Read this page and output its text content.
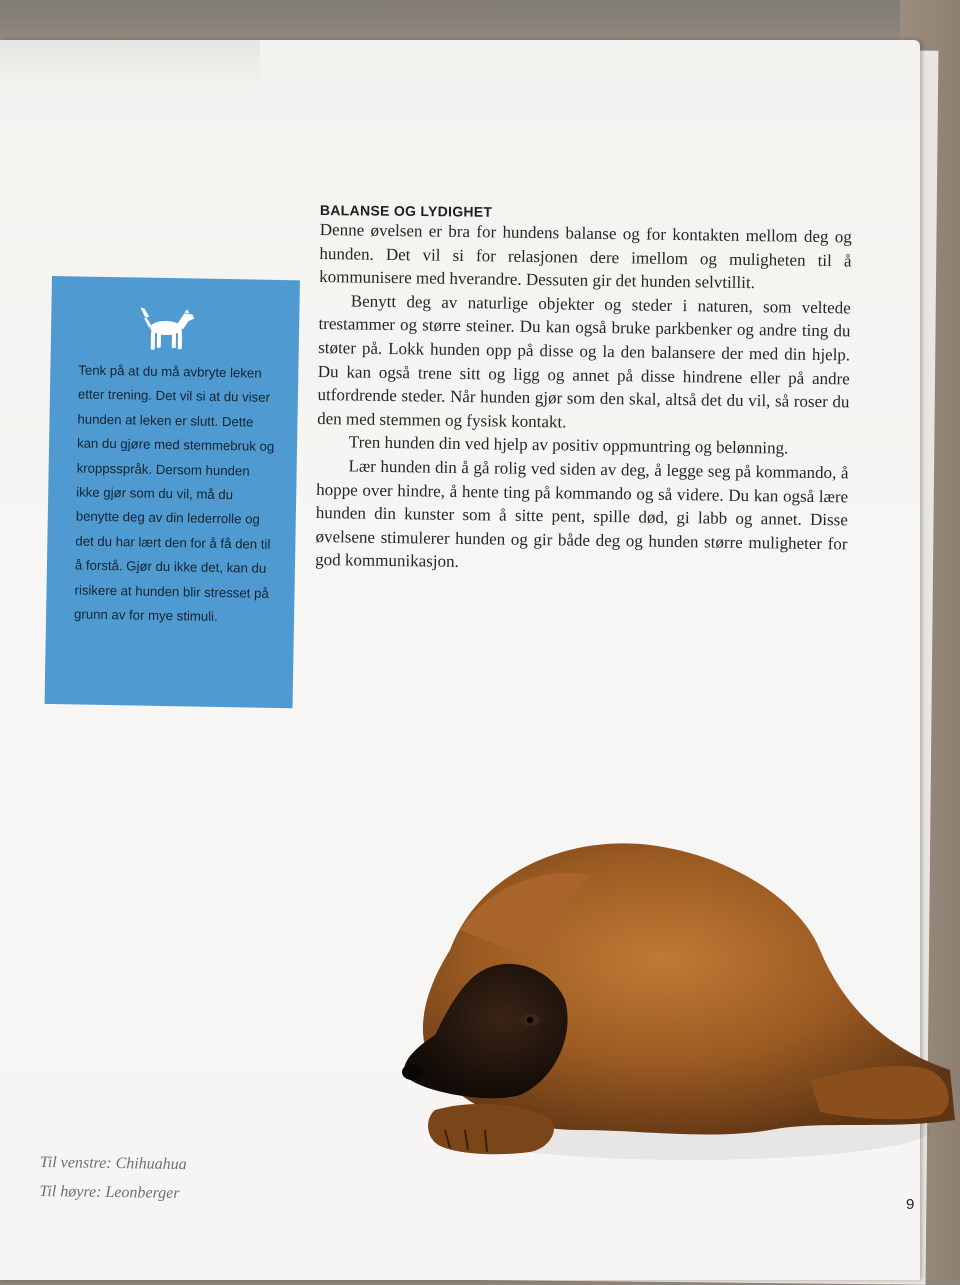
BALANSE OG LYDIGHET

Denne øvelsen er bra for hundens balanse og for kontakten mellom deg og hunden. Det vil si for relasjonen dere imellom og muligheten til å kommunisere med hverandre. Dessuten gir det hunden selvtillit.

Benytt deg av naturlige objekter og steder i naturen, som veltede trestammer og større steiner. Du kan også bruke parkbenker og andre ting du støter på. Lokk hunden opp på disse og la den balansere der med din hjelp. Du kan også trene sitt og ligg og annet på disse hindrene eller på andre utfordrende steder. Når hunden gjør som den skal, altså det du vil, så roser du den med stemmen og fysisk kontakt.

Tren hunden din ved hjelp av positiv oppmuntring og belønning.

Lær hunden din å gå rolig ved siden av deg, å legge seg på kommando, å hoppe over hindre, å hente ting på kommando og så videre. Du kan også lære hunden din kunster som å sitte pent, spille død, gi labb og annet. Disse øvelsene stimulerer hunden og gir både deg og hunden større muligheter for god kommunikasjon.

Tenk på at du må avbryte leken etter trening. Det vil si at du viser hunden at leken er slutt. Dette kan du gjøre med stemmebruk og kroppsspråk. Dersom hunden ikke gjør som du vil, må du benytte deg av din lederrolle og det du har lært den for å få den til å forstå. Gjør du ikke det, kan du risikere at hunden blir stresset på grunn av for mye stimuli.

Til venstre: Chihuahua
Til høyre: Leonberger
9
